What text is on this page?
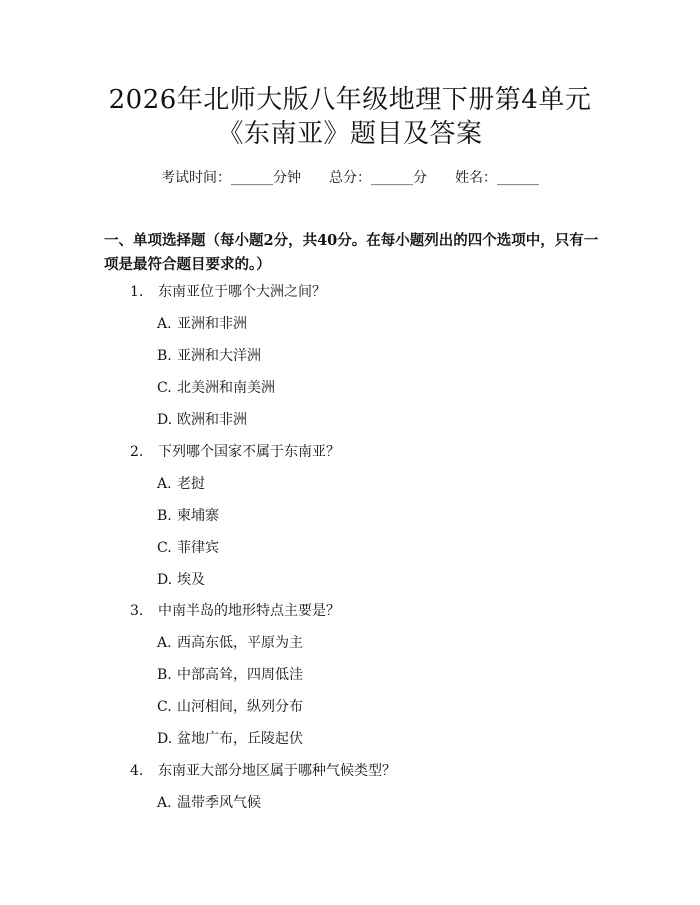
2026年北师大版八年级地理下册第4单元
《东南亚》题目及答案
考试时间：______分钟 总分：______分 姓名：______
一、单项选择题（每小题2分，共40分。在每小题列出的四个选项中，只有一项是最符合题目要求的。）
1. 东南亚位于哪个大洲之间？
A. 亚洲和非洲
B. 亚洲和大洋洲
C. 北美洲和南美洲
D. 欧洲和非洲
2. 下列哪个国家不属于东南亚？
A. 老挝
B. 柬埔寨
C. 菲律宾
D. 埃及
3. 中南半岛的地形特点主要是？
A. 西高东低，平原为主
B. 中部高耸，四周低洼
C. 山河相间，纵列分布
D. 盆地广布，丘陵起伏
4. 东南亚大部分地区属于哪种气候类型？
A. 温带季风气候
